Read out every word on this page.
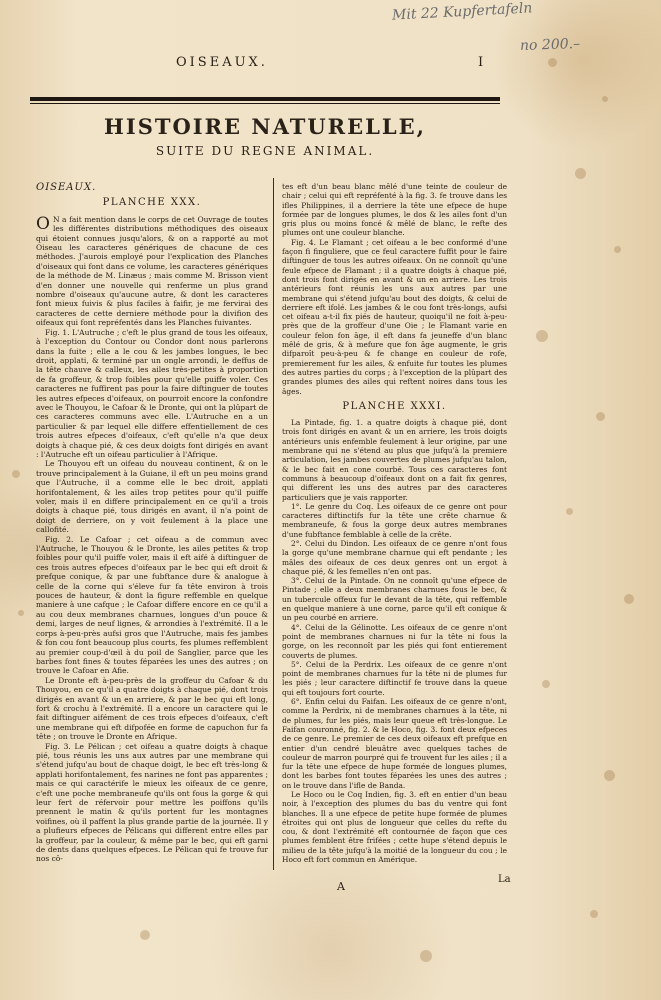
Mit 22 Kupfertafeln
no 200.–
OISEAUX.	I
HISTOIRE NATURELLE,
SUITE DU REGNE ANIMAL.
OISEAUX.
PLANCHE XXX.

O N a fait mention dans le corps de cet Ouvrage de toutes les différentes distributions méthodiques des oiseaux qui étoient connues jusqu'alors, & on a rapporté au mot Oiseau les caracteres génériques de chacune de ces méthodes. J'aurois employé pour l'explication des Planches d'oiseaux qui font dans ce volume, les caracteres génériques de la méthode de M. Linæus ; mais comme M. Brisson vient d'en donner une nouvelle qui renferme un plus grand nombre d'oiseaux qu'aucune autre, & dont les caracteres font mieux fuivis & plus faciles à faifir, je me fervirai des caracteres de cette derniere méthode pour la divifion des oifeaux qui font repréfentés dans les Planches fuivantes.

Fig. 1. L'Autruche ; c'eft le plus grand de tous les oifeaux, à l'exception du Contour ou Condor dont nous parlerons dans la fuite ; elle a le cou & les jambes longues, le bec droit, applati, & terminé par un ongle arrondi, le deffus de la tête chauve & calleux, les ailes très-petites à proportion de fa groffeur, & trop foibles pour qu'elle puiffe voler. Ces caracteres ne fuffirent pas pour la faire diftinguer de toutes les autres efpeces d'oifeaux, on pourroit encore la confondre avec le Thouyou, le Cafoar & le Dronte, qui ont la plûpart de ces caracteres communs avec elle. L'Autruche en a un particulier & par lequel elle differe effentiellement de ces trois autres efpeces d'oifeaux, c'eft qu'elle n'a que deux doigts à chaque pié, & ces deux doigts font dirigés en avant : l'Autruche eft un oifeau particulier à l'Afrique.

Le Thouyou eft un oifeau du nouveau continent, & on le trouve principalement à la Guiane, il eft un peu moins grand que l'Autruche, il a comme elle le bec droit, applati horifontalement, & les ailes trop petites pour qu'il puiffe voler, mais il en differe principalement en ce qu'il a trois doigts à chaque pié, tous dirigés en avant, il n'a point de doigt de derriere, on y voit feulement à la place une callofité.

Fig. 2. Le Cafoar ; cet oifeau a de commun avec l'Autruche, le Thouyou & le Dronte, les ailes petites & trop foibles pour qu'il puiffe voler, mais il eft aifé à diftinguer de ces trois autres efpeces d'oifeaux par le bec qui eft droit & prefque conique, & par une fubftance dure & analogue à celle de la corne qui s'éleve fur fa tête environ à trois pouces de hauteur, & dont la figure reffemble en quelque maniere à une cafque ; le Cafoar differe encore en ce qu'il a au cou deux membranes charnues, longues d'un pouce & demi, larges de neuf lignes, & arrondies à l'extrémité. Il a le corps à-peu-près aufsi gros que l'Autruche, mais fes jambes & fon cou font beaucoup plus courts, fes plumes reffemblent au premier coup-d'œil à du poil de Sanglier, parce que les barbes font fines & toutes féparées les unes des autres ; on trouve le Cafoar en Afie.

Le Dronte eft à-peu-près de la groffeur du Cafoar & du Thouyou, en ce qu'il a quatre doigts à chaque pié, dont trois dirigés en avant & un en arriere, & par le bec qui eft long, fort & crochu à l'extrémité. Il a encore un caractere qui le fait diftinguer aifément de ces trois efpeces d'oifeaux, c'eft une membrane qui eft difpofée en forme de capuchon fur fa tête ; on trouve le Dronte en Afrique.

Fig. 3. Le Pélican ; cet oifeau a quatre doigts à chaque pié, tous réunis les uns aux autres par une membrane qui s'étend jufqu'au bout de chaque doigt, le bec eft très-long & applati horifontalement, fes narines ne font pas apparentes ; mais ce qui caractérife le mieux les oifeaux de ce genre, c'eft une poche membraneufe qu'ils ont fous la gorge & qui leur fert de réfervoir pour mettre les poiffons qu'ils prennent le matin & qu'ils portent fur les montagnes voifines, où il paffent la plus grande partie de la journée. Il y a plufieurs efpeces de Pélicans qui different entre elles par la groffeur, par la couleur, & même par le bec, qui eft garni de dents dans quelques efpeces. Le Pélican qui fe trouve fur nos cô-

tes eft d'un beau blanc mêlé d'une teinte de couleur de chair ; celui qui eft repréfenté à la fig. 3. fe trouve dans les ifles Philippines, il a derriere la tête une efpece de hupe formée par de longues plumes, le dos & les ailes font d'un gris plus ou moins foncé & mêlé de blanc, le refte des plumes ont une couleur blanche.

Fig. 4. Le Flamant ; cet oifeau a le bec conformé d'une façon fi finguliere, que ce feul caractere fuffit pour le faire diftinguer de tous les autres oifeaux. On ne connoît qu'une feule efpece de Flamant ; il a quatre doigts à chaque pié, dont trois font dirigés en avant & un en arriere. Les trois antérieurs font réunis les uns aux autres par une membrane qui s'étend jufqu'au bout des doigts, & celui de derriere eft ifolé. Les jambes & le cou font très-longs, aufsi cet oifeau a-t-il fix piés de hauteur, quoiqu'il ne foit à-peu-près que de la groffeur d'une Oie ; le Flamant varie en couleur felon fon âge, il eft dans fa jeuneffe d'un blanc mêlé de gris, & à mefure que fon âge augmente, le gris difparoît peu-à-peu & fe change en couleur de rofe, premierement fur les ailes, & enfuite fur toutes les plumes des autres parties du corps ; à l'exception de la plûpart des grandes plumes des ailes qui reftent noires dans tous les âges.

PLANCHE XXXI.

La Pintade, fig. 1. a quatre doigts à chaque pié, dont trois font dirigés en avant & un en arriere, les trois doigts antérieurs unis enfemble feulement à leur origine, par une membrane qui ne s'étend au plus que jufqu'à la premiere articulation, les jambes couvertes de plumes jufqu'au talon, & le bec fait en cone courbé. Tous ces caracteres font communs à beaucoup d'oifeaux dont on a fait fix genres, qui different les uns des autres par des caracteres particuliers que je vais rapporter.

1°. Le genre du Coq. Les oifeaux de ce genre ont pour caracteres diftinctifs fur la tête une crête charnue & membraneufe, & fous la gorge deux autres membranes d'une fubftance femblable à celle de la crête.

2°. Celui du Dindon. Les oifeaux de ce genre n'ont fous la gorge qu'une membrane charnue qui eft pendante ; les mâles des oifeaux de ces deux genres ont un ergot à chaque pié, & les femelles n'en ont pas.

3°. Celui de la Pintade. On ne connoît qu'une efpece de Pintade ; elle a deux membranes charnues fous le bec, & un tubercule offeux fur le devant de la tête, qui reffemble en quelque maniere à une corne, parce qu'il eft conique & un peu courbé en arriere.

4°. Celui de la Gélinotte. Les oifeaux de ce genre n'ont point de membranes charnues ni fur la tête ni fous la gorge, on les reconnoît par les piés qui font entierement couverts de plumes.

5°. Celui de la Perdrix. Les oifeaux de ce genre n'ont point de membranes charnues fur la tête ni de plumes fur les piés ; leur caractere diftinctif fe trouve dans la queue qui eft toujours fort courte.

6°. Enfin celui du Faifan. Les oifeaux de ce genre n'ont, comme la Perdrix, ni de membranes charnues à la tête, ni de plumes, fur les piés, mais leur queue eft très-longue. Le Faifan couronné, fig. 2. & le Hoco, fig. 3. font deux efpeces de ce genre. Le premier de ces deux oifeaux eft prefque en entier d'un cendré bleuâtre avec quelques taches de couleur de marron pourpré qui fe trouvent fur les ailes ; il a fur la tête une efpece de hupe formée de longues plumes, dont les barbes font toutes féparées les unes des autres ; on le trouve dans l'ifle de Banda.

Le Hoco ou le Coq Indien, fig. 3. eft en entier d'un beau noir, à l'exception des plumes du bas du ventre qui font blanches. Il a une efpece de petite hupe formée de plumes étroites qui ont plus de longueur que celles du refte du cou, & dont l'extrémité eft contournée de façon que ces plumes femblent être frifées ; cette hupe s'étend depuis le milieu de la tête jufqu'à la moitié de la longueur du cou ; le Hoco eft fort commun en Amérique.

A
La
